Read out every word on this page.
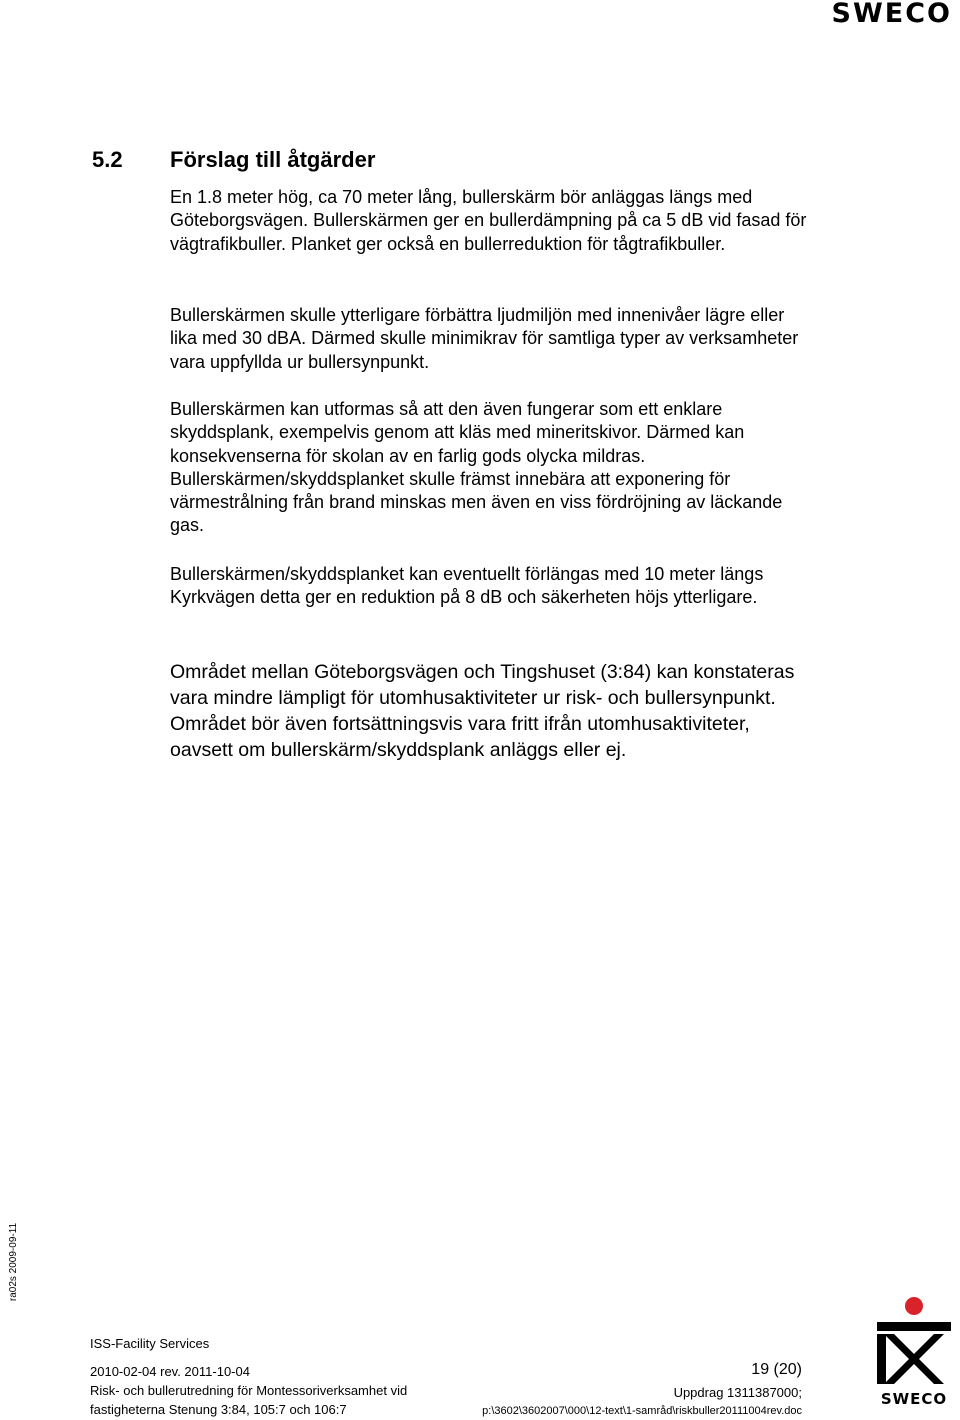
SWECO
5.2 Förslag till åtgärder

En 1.8 meter hög, ca 70 meter lång, bullerskärm bör anläggas längs med Göteborgsvägen. Bullerskärmen ger en bullerdämpning på ca 5 dB vid fasad för vägtrafikbuller. Planket ger också en bullerreduktion för tågtrafikbuller.

Bullerskärmen skulle ytterligare förbättra ljudmiljön med innenivåer lägre eller lika med 30 dBA. Därmed skulle minimikrav för samtliga typer av verksamheter vara uppfyllda ur bullersynpunkt.

Bullerskärmen kan utformas så att den även fungerar som ett enklare skyddsplank, exempelvis genom att kläs med mineritskivor. Därmed kan konsekvenserna för skolan av en farlig gods olycka mildras. Bullerskärmen/skyddsplanket skulle främst innebära att exponering för värmestrålning från brand minskas men även en viss fördröjning av läckande gas.

Bullerskärmen/skyddsplanket kan eventuellt förlängas med 10 meter längs Kyrkvägen detta ger en reduktion på 8 dB och säkerheten höjs ytterligare.

Området mellan Göteborgsvägen och Tingshuset (3:84) kan konstateras vara mindre lämpligt för utomhusaktiviteter ur risk- och bullersynpunkt. Området bör även fortsättningsvis vara fritt ifrån utomhusaktiviteter, oavsett om bullerskärm/skyddsplank anläggs eller ej.

ra02s 2009-09-11
ISS-Facility Services
2010-02-04 rev. 2011-10-04
Risk- och bullerutredning för Montessoriverksamhet vid
fastigheterna Stenung 3:84, 105:7 och 106:7
19 (20)
Uppdrag 1311387000;
p:\3602\3602007\000\12-text\1-samråd\riskbuller20111004rev.doc
SWECO
